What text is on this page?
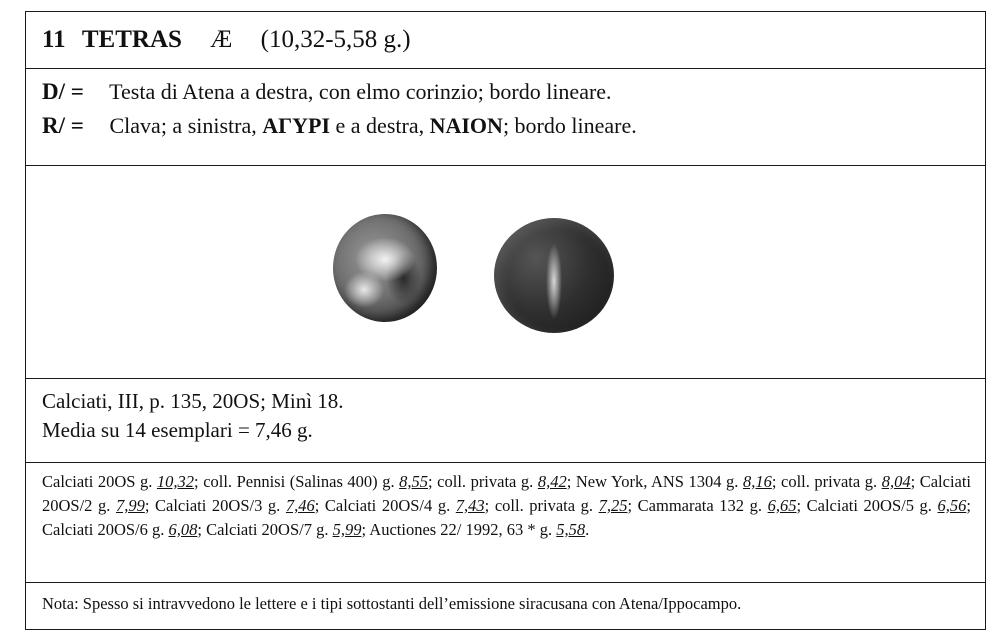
11 TETRAS Æ (10,32-5,58 g.)
D/ = Testa di Atena a destra, con elmo corinzio; bordo lineare.
R/ = Clava; a sinistra, ΑΓΥΡΙ e a destra, NAION; bordo lineare.
Calciati, III, p. 135, 20OS; Minì 18.
Media su 14 esemplari = 7,46 g.
Calciati 20OS g. 10,32; coll. Pennisi (Salinas 400) g. 8,55; coll. privata g. 8,42; New York, ANS 1304 g. 8,16; coll. privata g. 8,04; Calciati 20OS/2 g. 7,99; Calciati 20OS/3 g. 7,46; Calciati 20OS/4 g. 7,43; coll. privata g. 7,25; Cammarata 132 g. 6,65; Calciati 20OS/5 g. 6,56; Calciati 20OS/6 g. 6,08; Calciati 20OS/7 g. 5,99; Auctiones 22/ 1992, 63 * g. 5,58.
Nota: Spesso si intravvedono le lettere e i tipi sottostanti dell’emissione siracusana con Atena/Ippocampo.
